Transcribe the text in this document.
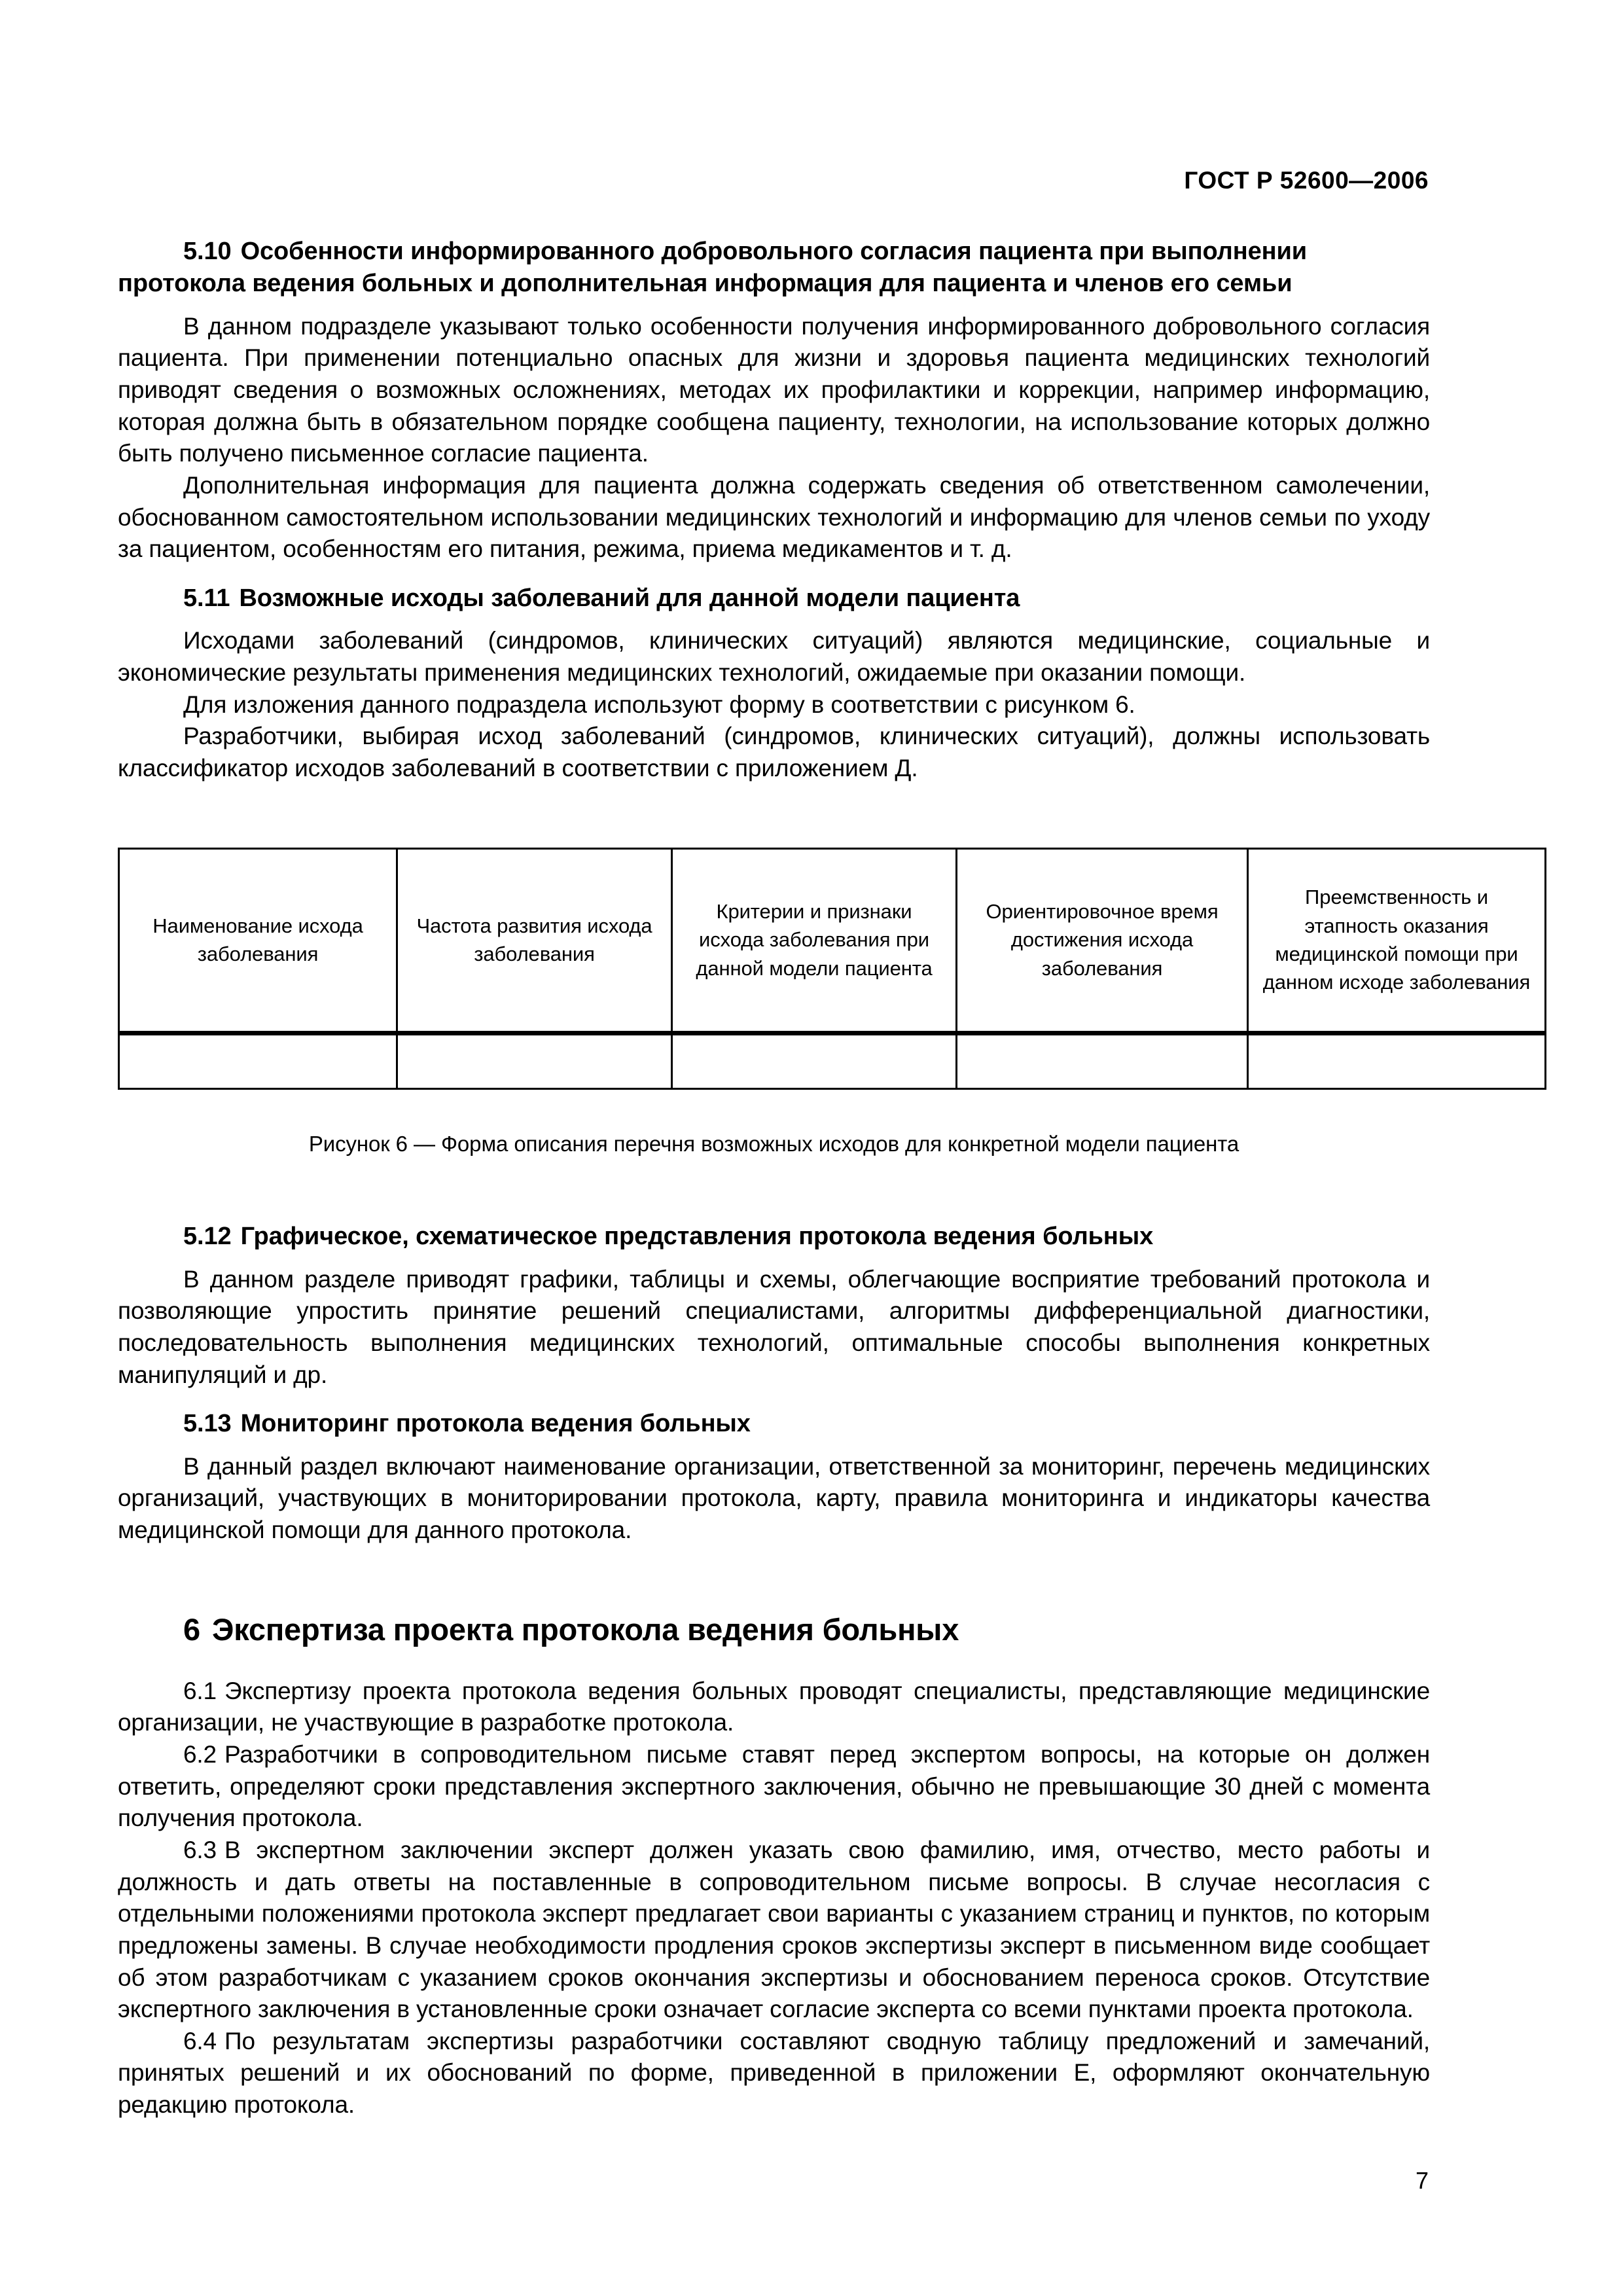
ГОСТ Р 52600—2006
5.10 Особенности информированного добровольного согласия пациента при выполнении протокола ведения больных и дополнительная информация для пациента и членов его семьи

В данном подразделе указывают только особенности получения информированного добровольного согласия пациента. При применении потенциально опасных для жизни и здоровья пациента медицинских технологий приводят сведения о возможных осложнениях, методах их профилактики и коррекции, например информацию, которая должна быть в обязательном порядке сообщена пациенту, технологии, на использование которых должно быть получено письменное согласие пациента.

Дополнительная информация для пациента должна содержать сведения об ответственном самолечении, обоснованном самостоятельном использовании медицинских технологий и информацию для членов семьи по уходу за пациентом, особенностям его питания, режима, приема медикаментов и т. д.

5.11 Возможные исходы заболеваний для данной модели пациента

Исходами заболеваний (синдромов, клинических ситуаций) являются медицинские, социальные и экономические результаты применения медицинских технологий, ожидаемые при оказании помощи.

Для изложения данного подраздела используют форму в соответствии с рисунком 6.

Разработчики, выбирая исход заболеваний (синдромов, клинических ситуаций), должны использовать классификатор исходов заболеваний в соответствии с приложением Д.

Наименование исхода заболевания	Частота развития исхода заболевания	Критерии и признаки исхода заболевания при данной модели пациента	Ориентировочное время достижения исхода заболевания	Преемственность и этапность оказания медицинской помощи при данном исходе заболевания

Рисунок 6 — Форма описания перечня возможных исходов для конкретной модели пациента

5.12 Графическое, схематическое представления протокола ведения больных

В данном разделе приводят графики, таблицы и схемы, облегчающие восприятие требований протокола и позволяющие упростить принятие решений специалистами, алгоритмы дифференциальной диагностики, последовательность выполнения медицинских технологий, оптимальные способы выполнения конкретных манипуляций и др.

5.13 Мониторинг протокола ведения больных

В данный раздел включают наименование организации, ответственной за мониторинг, перечень медицинских организаций, участвующих в мониторировании протокола, карту, правила мониторинга и индикаторы качества медицинской помощи для данного протокола.

6 Экспертиза проекта протокола ведения больных

6.1 Экспертизу проекта протокола ведения больных проводят специалисты, представляющие медицинские организации, не участвующие в разработке протокола.

6.2 Разработчики в сопроводительном письме ставят перед экспертом вопросы, на которые он должен ответить, определяют сроки представления экспертного заключения, обычно не превышающие 30 дней с момента получения протокола.

6.3 В экспертном заключении эксперт должен указать свою фамилию, имя, отчество, место работы и должность и дать ответы на поставленные в сопроводительном письме вопросы. В случае несогласия с отдельными положениями протокола эксперт предлагает свои варианты с указанием страниц и пунктов, по которым предложены замены. В случае необходимости продления сроков экспертизы эксперт в письменном виде сообщает об этом разработчикам с указанием сроков окончания экспертизы и обоснованием переноса сроков. Отсутствие экспертного заключения в установленные сроки означает согласие эксперта со всеми пунктами проекта протокола.

6.4 По результатам экспертизы разработчики составляют сводную таблицу предложений и замечаний, принятых решений и их обоснований по форме, приведенной в приложении Е, оформляют окончательную редакцию протокола.

7
